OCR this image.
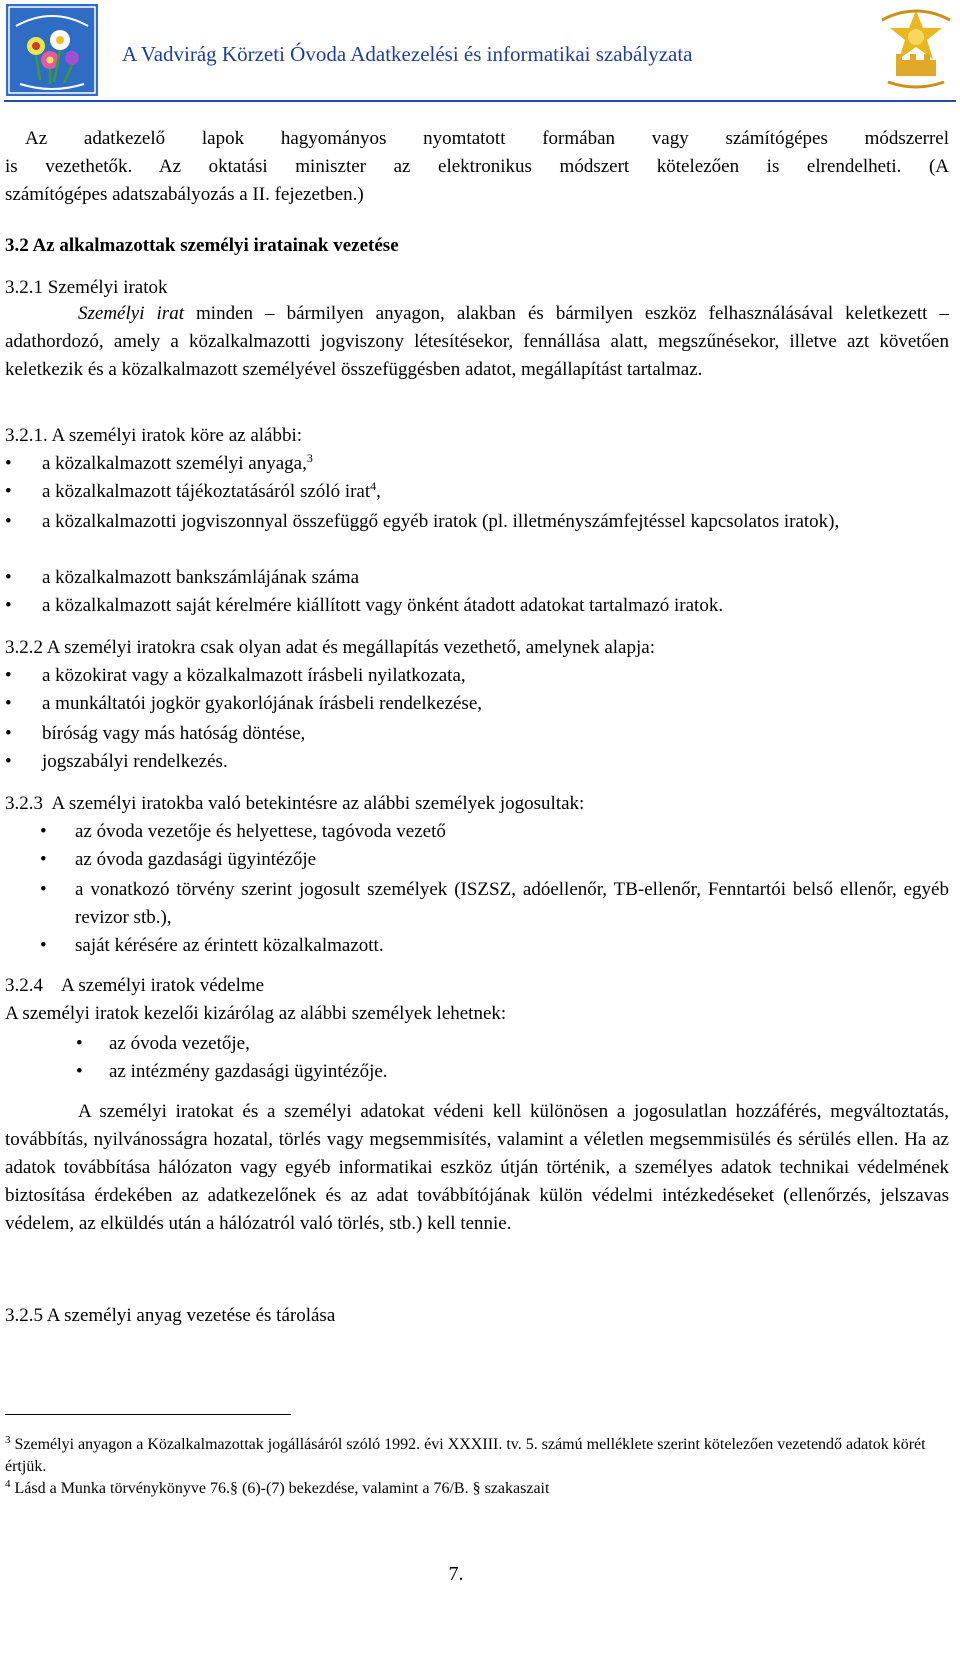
A Vadvirág Körzeti Óvoda Adatkezelési és informatikai szabályzata
Az adatkezelő lapok hagyományos nyomtatott formában vagy számítógépes módszerrel
is vezethetők. Az oktatási miniszter az elektronikus módszert kötelezően is elrendelheti. (A
számítógépes adatszabályozás a II. fejezetben.)
3.2 Az alkalmazottak személyi iratainak vezetése
3.2.1 Személyi iratok
Személyi irat minden – bármilyen anyagon, alakban és bármilyen eszköz felhasználásával keletkezett – adathordozó, amely a közalkalmazotti jogviszony létesítésekor, fennállása alatt, megszűnésekor, illetve azt követően keletkezik és a közalkalmazott személyével összefüggésben adatot, megállapítást tartalmaz.
3.2.1. A személyi iratok köre az alábbi:
• a közalkalmazott személyi anyaga,$^3$
• a közalkalmazott tájékoztatásáról szóló irat$^4$,
• a közalkalmazotti jogviszonnyal összefüggő egyéb iratok (pl. illetményszámfejtéssel kapcsolatos iratok),
• a közalkalmazott bankszámlájának száma
• a közalkalmazott saját kérelmére kiállított vagy önként átadott adatokat tartalmazó iratok.
3.2.2 A személyi iratokra csak olyan adat és megállapítás vezethető, amelynek alapja:
• a közokirat vagy a közalkalmazott írásbeli nyilatkozata,
• a munkáltatói jogkör gyakorlójának írásbeli rendelkezése,
• bíróság vagy más hatóság döntése,
• jogszabályi rendelkezés.
3.2.3  A személyi iratokba való betekintésre az alábbi személyek jogosultak:
• az óvoda vezetője és helyettese, tagóvoda vezető
• az óvoda gazdasági ügyintézője
• a vonatkozó törvény szerint jogosult személyek (ISZSZ, adóellenőr, TB-ellenőr, Fenntartói belső ellenőr, egyéb revizor stb.),
• saját kérésére az érintett közalkalmazott.
3.2.4    A személyi iratok védelme
A személyi iratok kezelői kizárólag az alábbi személyek lehetnek:
• az óvoda vezetője,
• az intézmény gazdasági ügyintézője.
A személyi iratokat és a személyi adatokat védeni kell különösen a jogosulatlan hozzáférés, megváltoztatás, továbbítás, nyilvánosságra hozatal, törlés vagy megsemmisítés, valamint a véletlen megsemmisülés és sérülés ellen. Ha az adatok továbbítása hálózaton vagy egyéb informatikai eszköz útján történik, a személyes adatok technikai védelmének biztosítása érdekében az adatkezelőnek és az adat továbbítójának külön védelmi intézkedéseket (ellenőrzés, jelszavas védelem, az elküldés után a hálózatról való törlés, stb.) kell tennie.
3.2.5 A személyi anyag vezetése és tárolása
$^3$ Személyi anyagon a Közalkalmazottak jogállásáról szóló 1992. évi XXXIII. tv. 5. számú melléklete szerint kötelezően vezetendő adatok körét értjük.
$^4$ Lásd a Munka törvénykönyve 76.§ (6)-(7) bekezdése, valamint a 76/B. § szakaszait
7.
